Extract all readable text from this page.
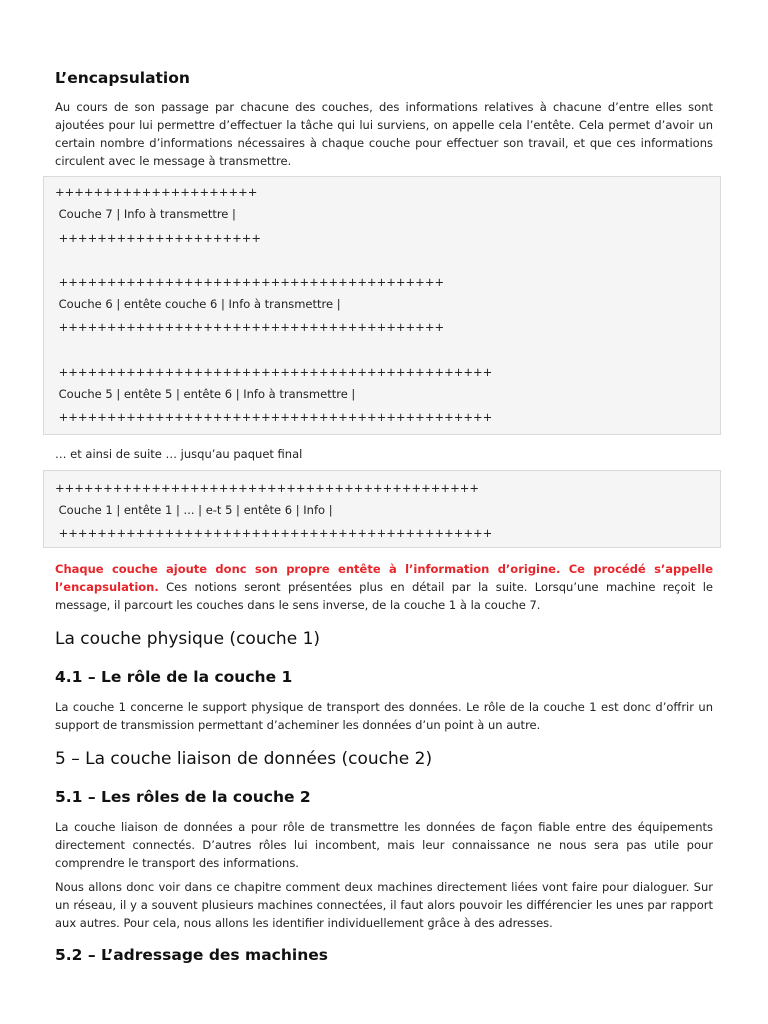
L’encapsulation

Au cours de son passage par chacune des couches, des informations relatives à chacune d’entre elles sont ajoutées pour lui permettre d’effectuer la tâche qui lui surviens, on appelle cela l’entête. Cela permet d’avoir un certain nombre d’informations nécessaires à chaque couche pour effectuer son travail, et que ces informations circulent avec le message à transmettre.

+++++++++++++++++++++
Couche 7 | Info à transmettre |
+++++++++++++++++++++
++++++++++++++++++++++++++++++++++++++++
Couche 6 | entête couche 6 | Info à transmettre |
++++++++++++++++++++++++++++++++++++++++
+++++++++++++++++++++++++++++++++++++++++++++
Couche 5 | entête 5 | entête 6 | Info à transmettre |
+++++++++++++++++++++++++++++++++++++++++++++
… et ainsi de suite … jusqu’au paquet final
++++++++++++++++++++++++++++++++++++++++++++
Couche 1 | entête 1 | ... | e-t 5 | entête 6 | Info |
+++++++++++++++++++++++++++++++++++++++++++++

Chaque couche ajoute donc son propre entête à l’information d’origine. Ce procédé s’appelle l’encapsulation. Ces notions seront présentées plus en détail par la suite. Lorsqu’une machine reçoit le message, il parcourt les couches dans le sens inverse, de la couche 1 à la couche 7.

La couche physique (couche 1)
4.1 – Le rôle de la couche 1

La couche 1 concerne le support physique de transport des données. Le rôle de la couche 1 est donc d’offrir un support de transmission permettant d’acheminer les données d’un point à un autre.

5 – La couche liaison de données (couche 2)
5.1 – Les rôles de la couche 2

La couche liaison de données a pour rôle de transmettre les données de façon fiable entre des équipements directement connectés. D’autres rôles lui incombent, mais leur connaissance ne nous sera pas utile pour comprendre le transport des informations.

Nous allons donc voir dans ce chapitre comment deux machines directement liées vont faire pour dialoguer. Sur un réseau, il y a souvent plusieurs machines connectées, il faut alors pouvoir les différencier les unes par rapport aux autres. Pour cela, nous allons les identifier individuellement grâce à des adresses.

5.2 – L’adressage des machines
